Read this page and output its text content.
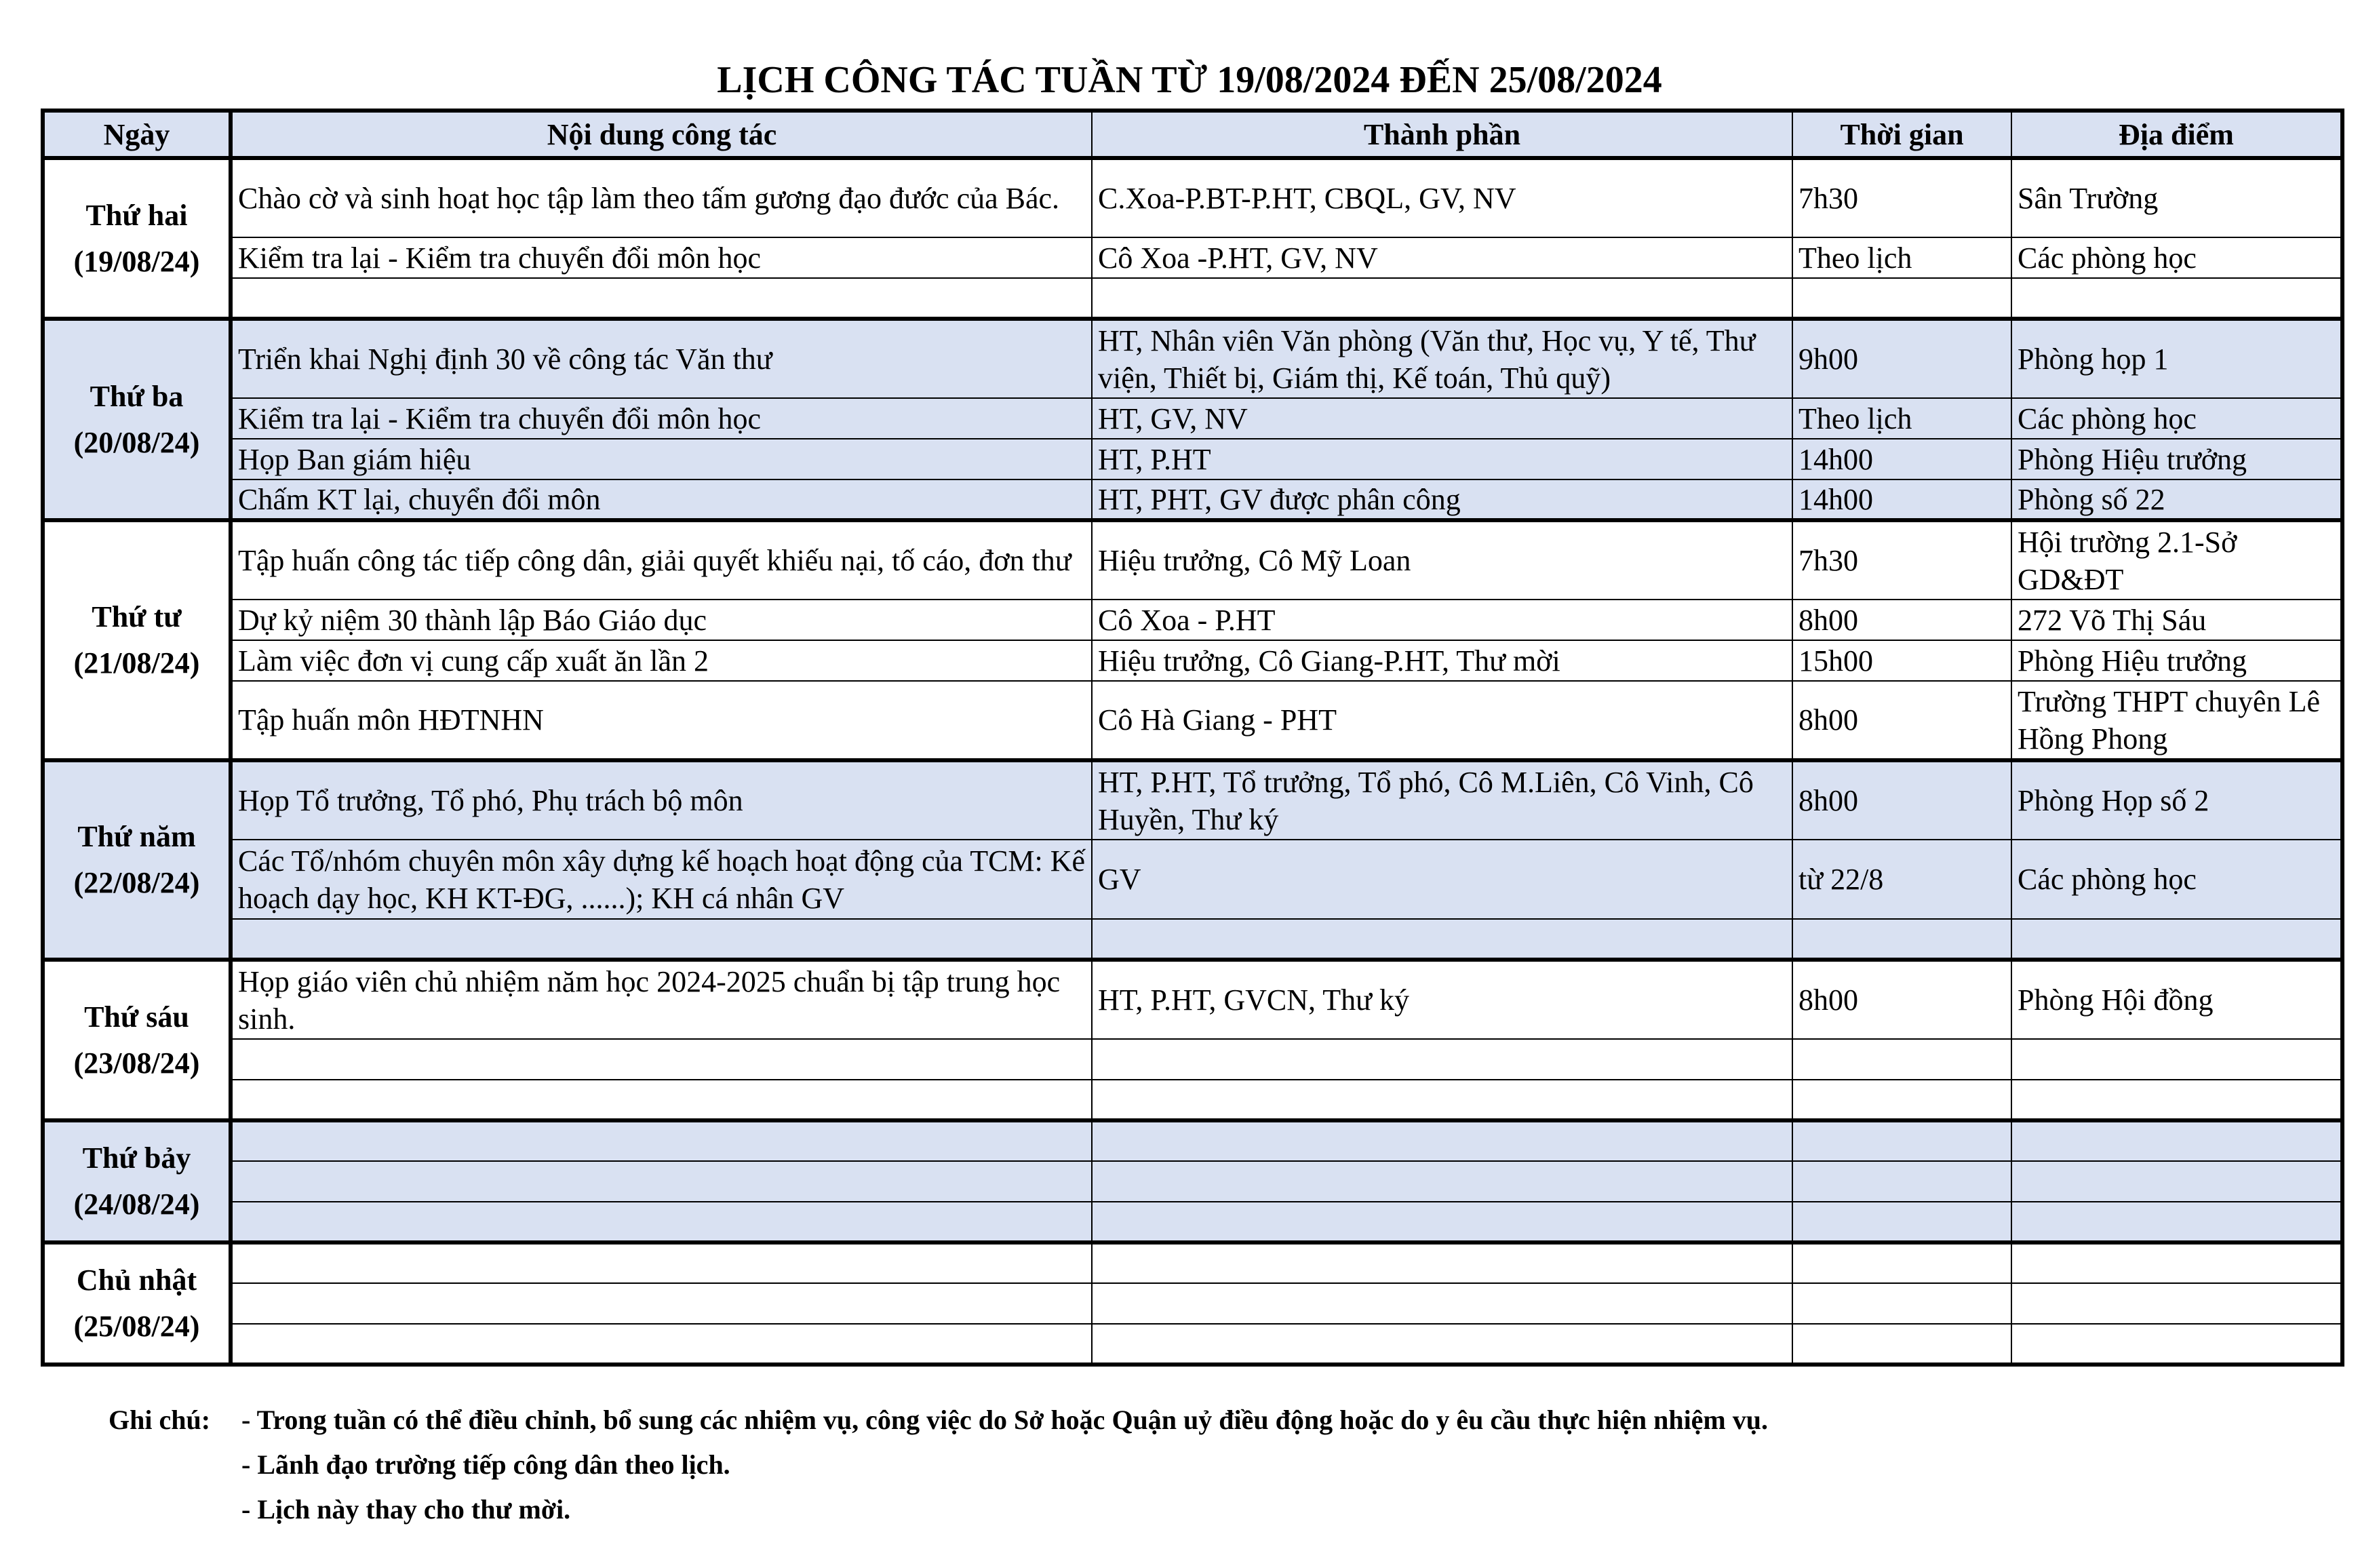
LỊCH CÔNG TÁC TUẦN TỪ 19/08/2024 ĐẾN 25/08/2024
Ngày	Nội dung công tác	Thành phần	Thời gian	Địa điểm

Thứ hai
(19/08/24)	Chào cờ và sinh hoạt học tập làm theo tấm gương đạo đước của Bác.	C.Xoa-P.BT-P.HT, CBQL, GV, NV	7h30	Sân Trường
	Kiểm tra lại - Kiểm tra chuyển đổi môn học	Cô Xoa -P.HT, GV, NV	Theo lịch	Các phòng học

Thứ ba
(20/08/24)	Triển khai Nghị định 30 về công tác Văn thư	HT, Nhân viên Văn phòng (Văn thư, Học vụ, Y tế, Thư viện, Thiết bị, Giám thị, Kế toán, Thủ quỹ)	9h00	Phòng họp 1
	Kiểm tra lại - Kiểm tra chuyển đổi môn học	HT, GV, NV	Theo lịch	Các phòng học
	Họp Ban giám hiệu	HT, P.HT	14h00	Phòng Hiệu trưởng
	Chấm KT lại, chuyển đổi môn	HT, PHT, GV được phân công	14h00	Phòng số 22

Thứ tư
(21/08/24)	Tập huấn công tác tiếp công dân, giải quyết khiếu nại, tố cáo, đơn thư	Hiệu trưởng, Cô Mỹ Loan	7h30	Hội trường 2.1-Sở GD&ĐT
	Dự kỷ niệm 30 thành lập Báo Giáo dục	Cô Xoa - P.HT	8h00	272 Võ Thị Sáu
	Làm việc đơn vị cung cấp xuất ăn lần 2	Hiệu trưởng, Cô Giang-P.HT, Thư mời	15h00	Phòng Hiệu trưởng
	Tập huấn môn HĐTNHN	Cô Hà Giang - PHT	8h00	Trường THPT chuyên Lê Hồng Phong

Thứ năm
(22/08/24)	Họp Tổ trưởng, Tổ phó, Phụ trách bộ môn	HT, P.HT, Tổ trưởng, Tổ phó, Cô M.Liên, Cô Vinh, Cô Huyền, Thư ký	8h00	Phòng Họp số 2
	Các Tổ/nhóm chuyên môn xây dựng kế hoạch hoạt động của TCM: Kế hoạch dạy học, KH KT-ĐG, ......); KH cá nhân GV	GV	từ 22/8	Các phòng học

Thứ sáu
(23/08/24)	Họp giáo viên chủ nhiệm năm học 2024-2025 chuẩn bị tập trung học sinh.	HT, P.HT, GVCN, Thư ký	8h00	Phòng Hội đồng

Thứ bảy
(24/08/24)				

Chủ nhật
(25/08/24)				

Ghi chú: - Trong tuần có thể điều chỉnh, bổ sung các nhiệm vụ, công việc do Sở hoặc Quận uỷ điều động hoặc do y êu cầu thực hiện nhiệm vụ.
- Lãnh đạo trường tiếp công dân theo lịch.
- Lịch này thay cho thư mời.
